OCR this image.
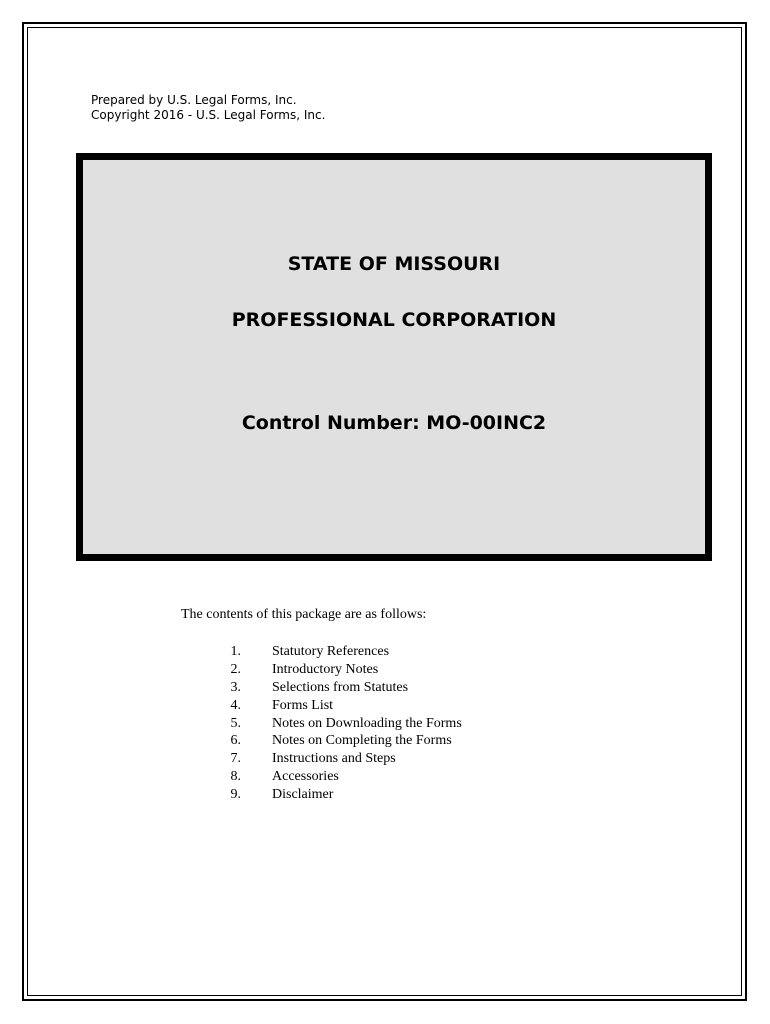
Prepared by U.S. Legal Forms, Inc.
Copyright 2016 - U.S. Legal Forms, Inc.
STATE OF MISSOURI
PROFESSIONAL CORPORATION
Control Number: MO-00INC2
The contents of this package are as follows:
1. Statutory References
2. Introductory Notes
3. Selections from Statutes
4. Forms List
5. Notes on Downloading the Forms
6. Notes on Completing the Forms
7. Instructions and Steps
8. Accessories
9. Disclaimer
